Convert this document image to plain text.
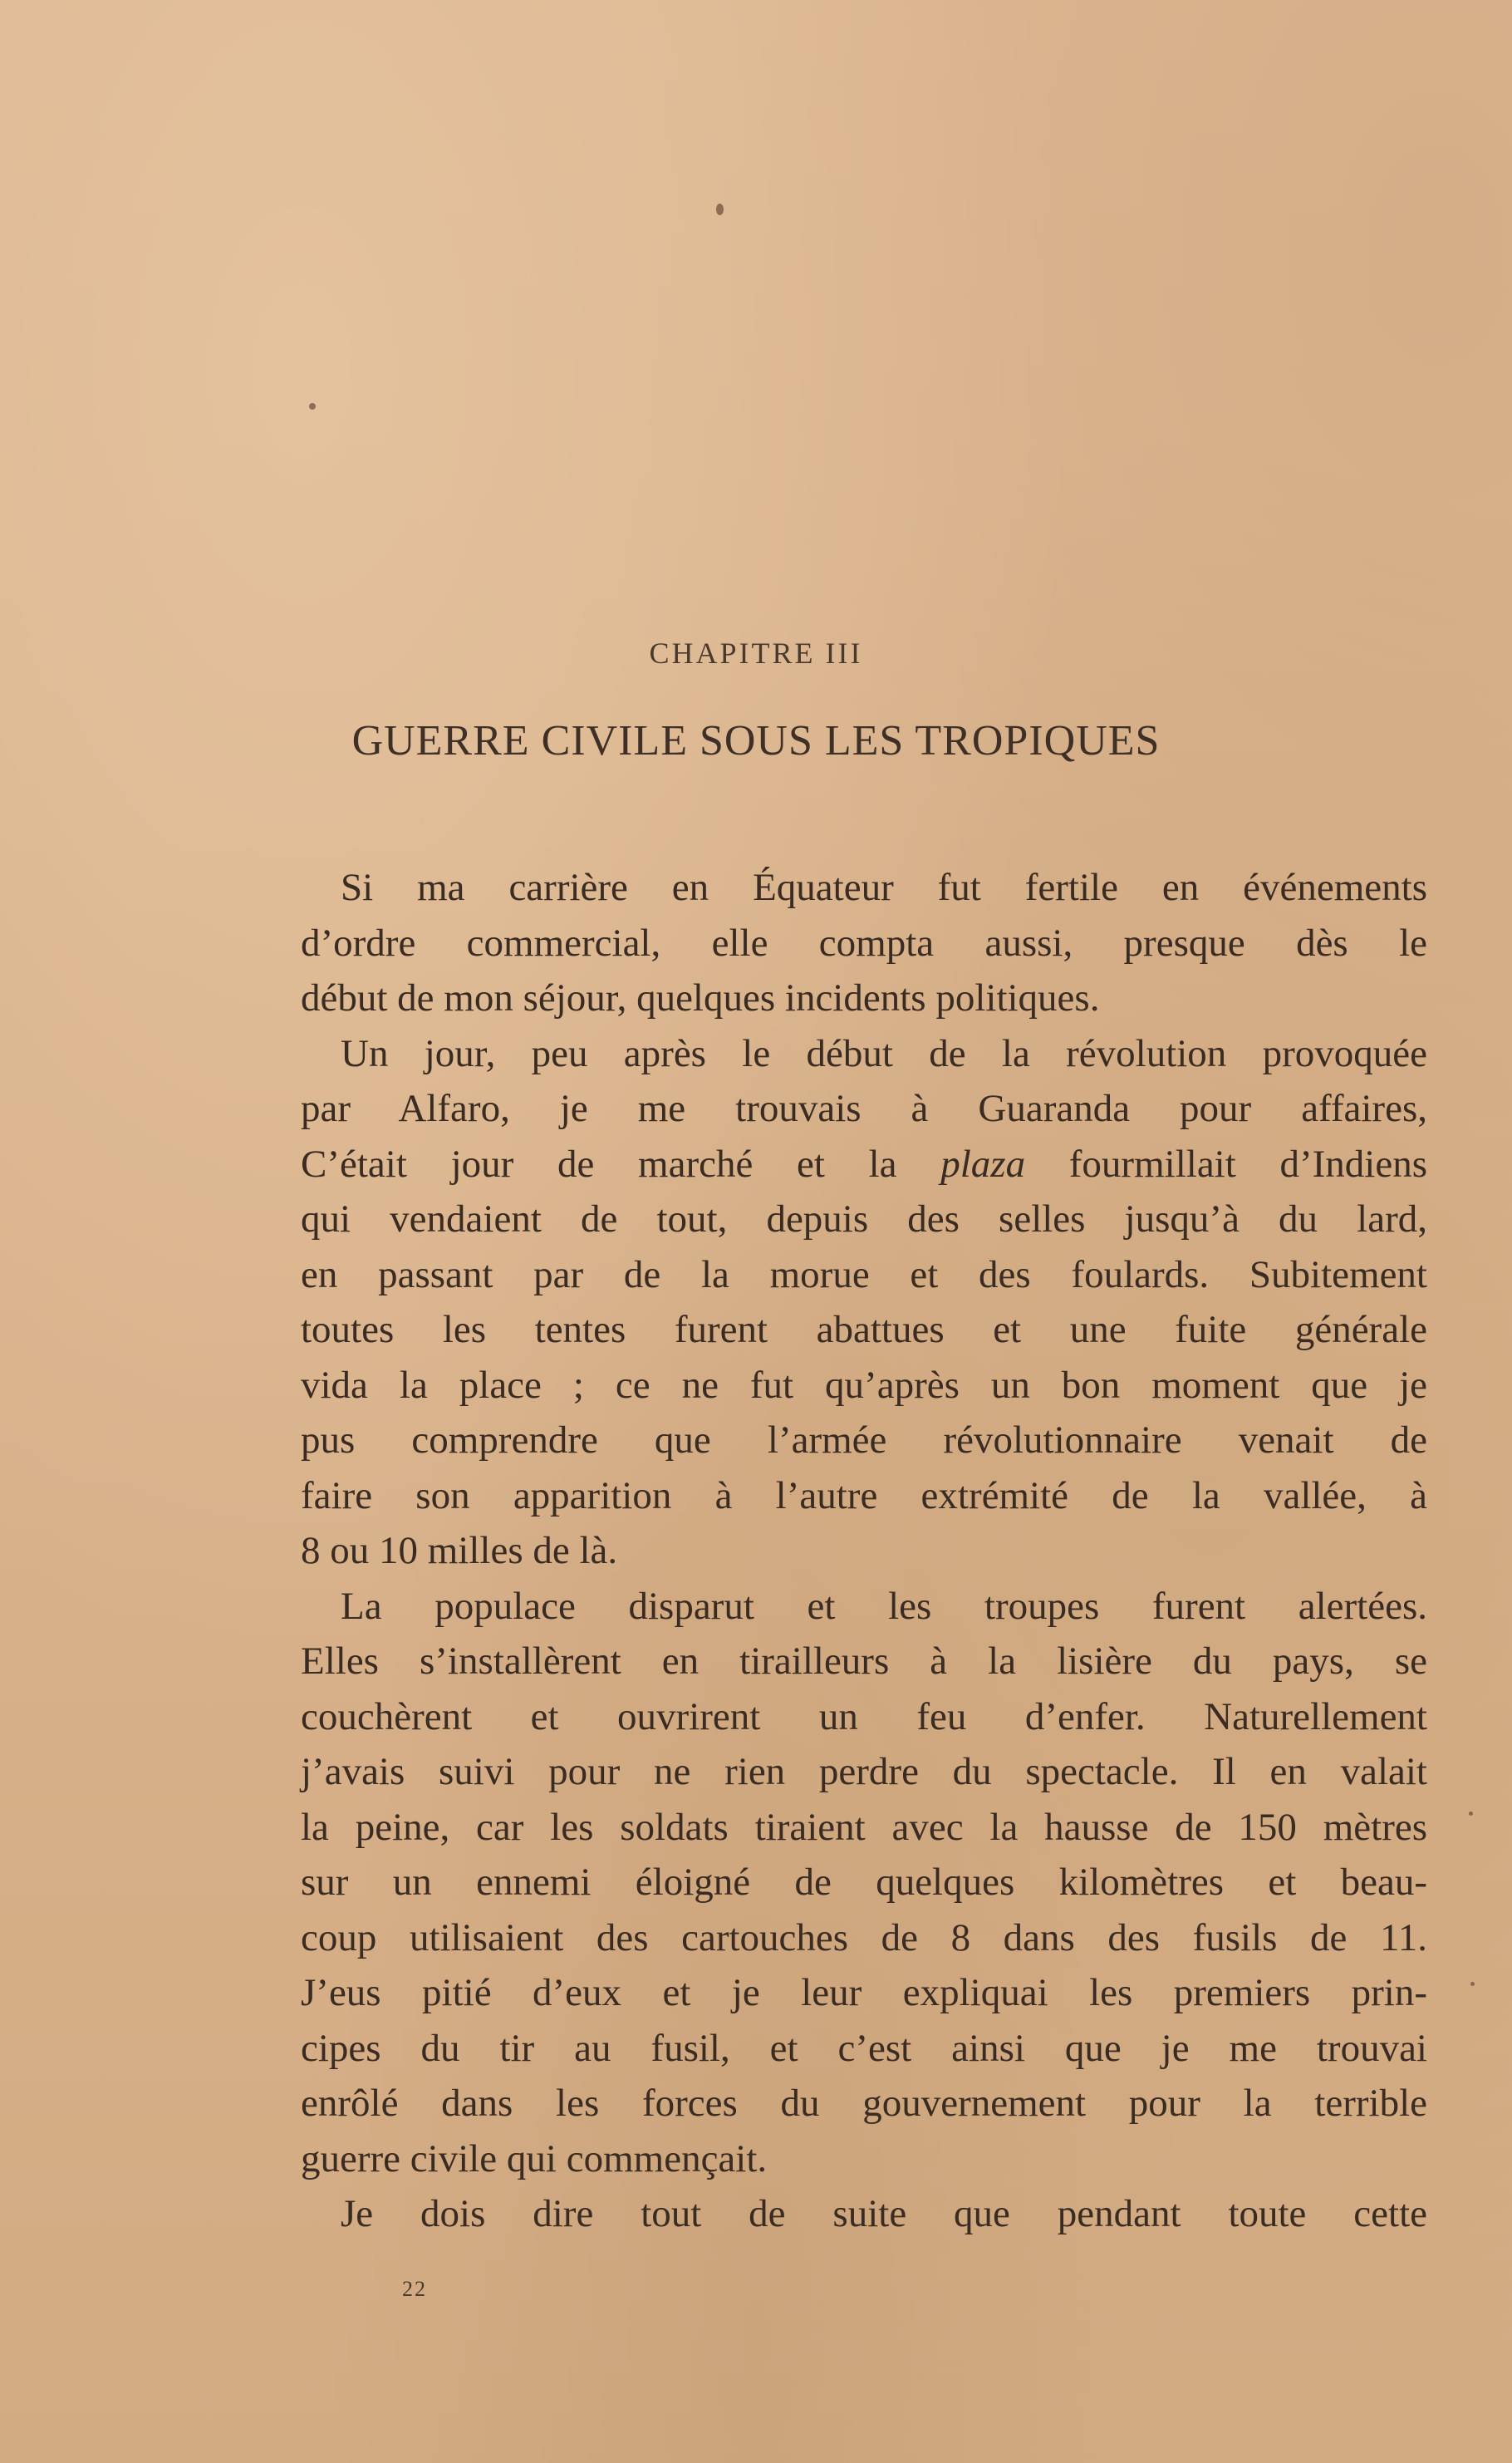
CHAPITRE III
GUERRE CIVILE SOUS LES TROPIQUES
Si ma carrière en Équateur fut fertile en événements
d’ordre commercial, elle compta aussi, presque dès le
début de mon séjour, quelques incidents politiques.
Un jour, peu après le début de la révolution provoquée
par Alfaro, je me trouvais à Guaranda pour affaires,
C’était jour de marché et la plaza fourmillait d’Indiens
qui vendaient de tout, depuis des selles jusqu’à du lard,
en passant par de la morue et des foulards. Subitement
toutes les tentes furent abattues et une fuite générale
vida la place ; ce ne fut qu’après un bon moment que je
pus comprendre que l’armée révolutionnaire venait de
faire son apparition à l’autre extrémité de la vallée, à
8 ou 10 milles de là.
La populace disparut et les troupes furent alertées.
Elles s’installèrent en tirailleurs à la lisière du pays, se
couchèrent et ouvrirent un feu d’enfer. Naturellement
j’avais suivi pour ne rien perdre du spectacle. Il en valait
la peine, car les soldats tiraient avec la hausse de 150 mètres
sur un ennemi éloigné de quelques kilomètres et beau-
coup utilisaient des cartouches de 8 dans des fusils de 11.
J’eus pitié d’eux et je leur expliquai les premiers prin-
cipes du tir au fusil, et c’est ainsi que je me trouvai
enrôlé dans les forces du gouvernement pour la terrible
guerre civile qui commençait.
Je dois dire tout de suite que pendant toute cette
22
